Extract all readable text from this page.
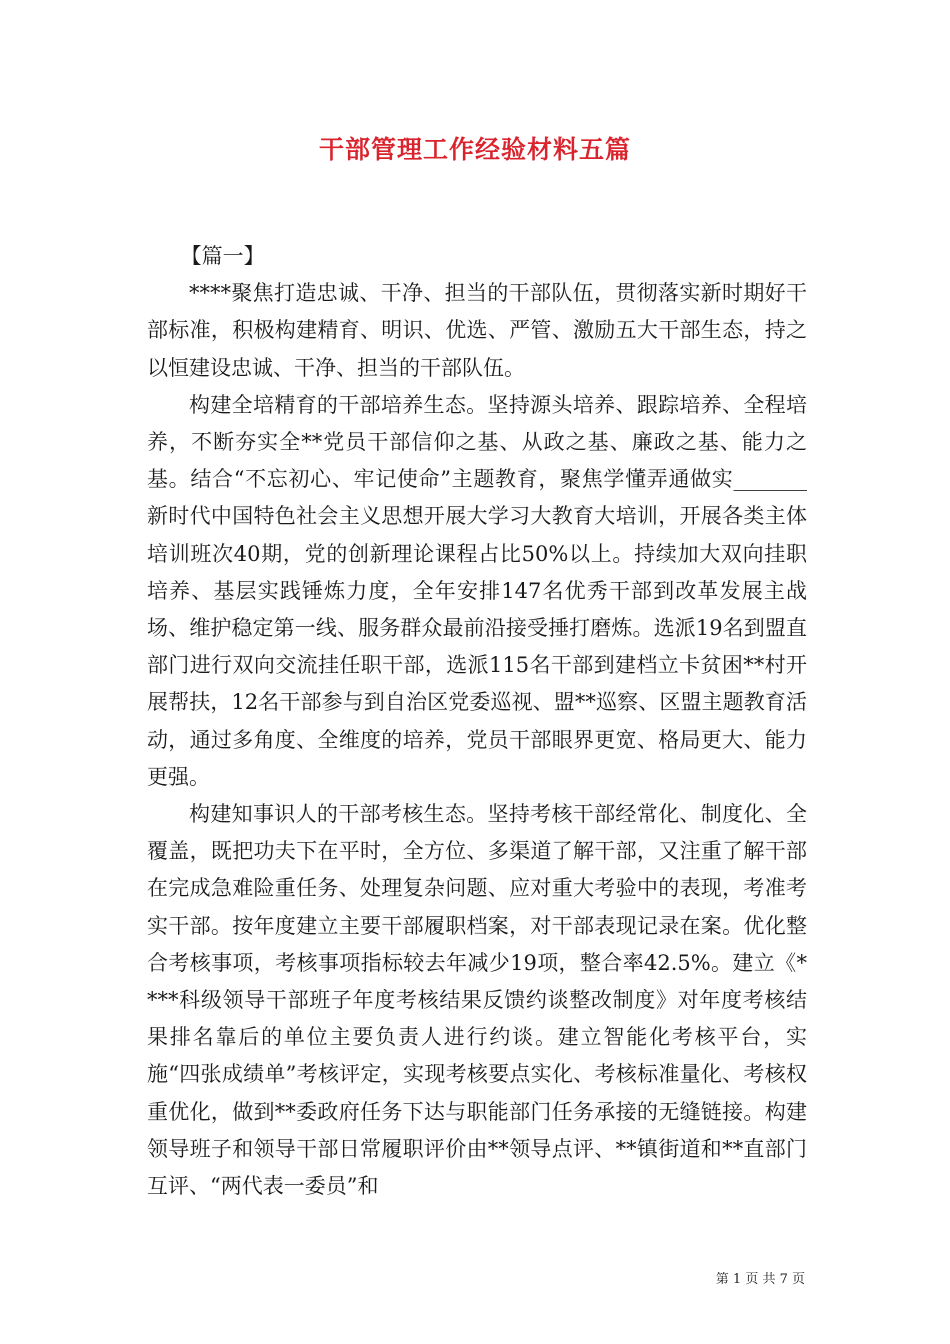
干部管理工作经验材料五篇

【篇一】

****聚焦打造忠诚、干净、担当的干部队伍，贯彻落实新时期好干部标准，积极构建精育、明识、优选、严管、激励五大干部生态，持之以恒建设忠诚、干净、担当的干部队伍。

构建全培精育的干部培养生态。坚持源头培养、跟踪培养、全程培养，不断夯实全**党员干部信仰之基、从政之基、廉政之基、能力之基。结合“不忘初心、牢记使命”主题教育，聚焦学懂弄通做实_______新时代中国特色社会主义思想开展大学习大教育大培训，开展各类主体培训班次40期，党的创新理论课程占比50%以上。持续加大双向挂职培养、基层实践锤炼力度，全年安排147名优秀干部到改革发展主战场、维护稳定第一线、服务群众最前沿接受捶打磨炼。选派19名到盟直部门进行双向交流挂任职干部，选派115名干部到建档立卡贫困**村开展帮扶，12名干部参与到自治区党委巡视、盟**巡察、区盟主题教育活动，通过多角度、全维度的培养，党员干部眼界更宽、格局更大、能力更强。

构建知事识人的干部考核生态。坚持考核干部经常化、制度化、全覆盖，既把功夫下在平时，全方位、多渠道了解干部，又注重了解干部在完成急难险重任务、处理复杂问题、应对重大考验中的表现，考准考实干部。按年度建立主要干部履职档案，对干部表现记录在案。优化整合考核事项，考核事项指标较去年减少19项，整合率42.5%。建立《****科级领导干部班子年度考核结果反馈约谈整改制度》对年度考核结果排名靠后的单位主要负责人进行约谈。建立智能化考核平台，实施“四张成绩单”考核评定，实现考核要点实化、考核标准量化、考核权重优化，做到**委政府任务下达与职能部门任务承接的无缝链接。构建领导班子和领导干部日常履职评价由**领导点评、**镇街道和**直部门互评、“两代表一委员”和

第 1 页 共 7 页
